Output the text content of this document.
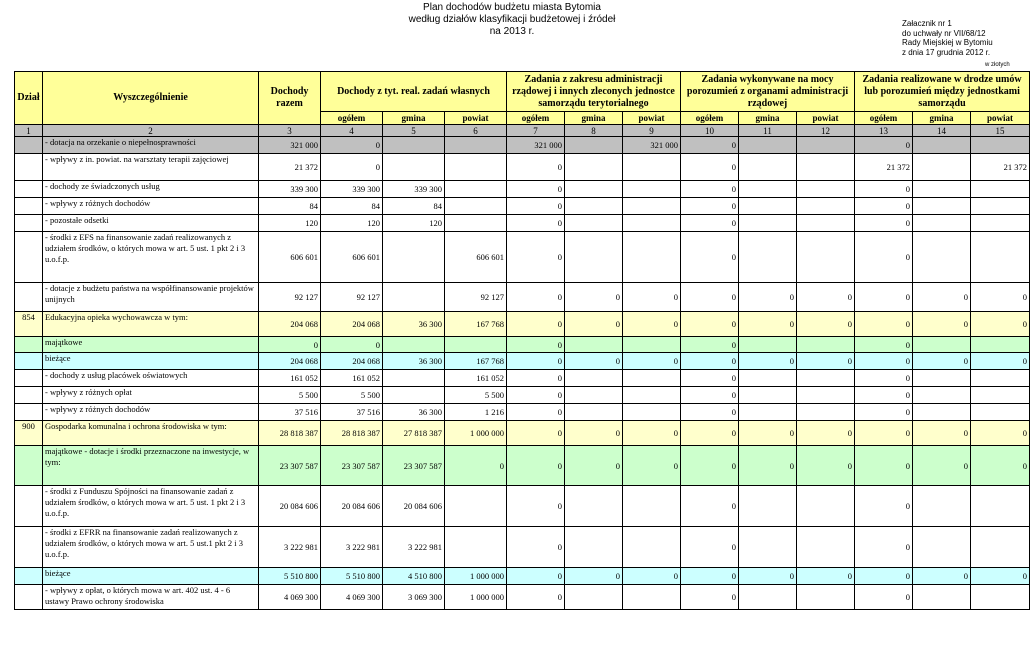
Plan dochodów budżetu miasta Bytomia
według działów klasyfikacji budżetowej i źródeł
na 2013 r.
Załacznik nr 1
do uchwały nr VII/68/12
Rady Miejskiej w Bytomiu
z dnia 17 grudnia 2012 r.
w złotych
Dział	Wyszczególnienie	Dochody razem	Dochody z tyt. real. zadań własnych			Zadania z zakresu administracji rządowej i innych zleconych jednostce samorządu terytorialnego			Zadania wykonywane na mocy porozumień z organami administracji rządowej			Zadania realizowane w drodze umów lub porozumień między jednostkami samorządu		
			ogółem	gmina	powiat	ogółem	gmina	powiat	ogółem	gmina	powiat	ogółem	gmina	powiat
1	2	3	4	5	6	7	8	9	10	11	12	13	14	15
	- dotacja na orzekanie o niepełnosprawności	321 000	0			321 000		321 000	0			0		
	- wpływy z in. powiat. na warsztaty terapii zajęciowej	21 372	0			0			0			21 372		21 372
	- dochody ze świadczonych usług	339 300	339 300	339 300		0			0			0		
	- wpływy z różnych dochodów	84	84	84		0			0			0		
	- pozostałe odsetki	120	120	120		0			0			0		
	- środki z EFS na finansowanie zadań realizowanych z udziałem środków, o których mowa w art. 5 ust. 1 pkt 2 i 3 u.o.f.p.	606 601	606 601		606 601	0			0			0		
	- dotacje z budżetu państwa na współfinansowanie projektów unijnych	92 127	92 127		92 127	0	0	0	0	0	0	0	0	0
854	Edukacyjna opieka wychowawcza w tym:	204 068	204 068	36 300	167 768	0	0	0	0	0	0	0	0	0
	majątkowe	0	0			0			0			0		
	bieżące	204 068	204 068	36 300	167 768	0	0	0	0	0	0	0	0	0
	- dochody z usług placówek oświatowych	161 052	161 052		161 052	0			0			0		
	- wpływy z różnych opłat	5 500	5 500		5 500	0			0			0		
	- wpływy z różnych dochodów	37 516	37 516	36 300	1 216	0			0			0		
900	Gospodarka komunalna i ochrona środowiska w tym:	28 818 387	28 818 387	27 818 387	1 000 000	0	0	0	0	0	0	0	0	0
	majątkowe - dotacje i środki przeznaczone na inwestycje, w tym:	23 307 587	23 307 587	23 307 587	0	0	0	0	0	0	0	0	0	0
	- środki z Funduszu Spójności na finansowanie zadań z udziałem środków, o których mowa w art. 5 ust. 1 pkt 2 i 3 u.o.f.p.	20 084 606	20 084 606	20 084 606		0			0			0		
	- środki z EFRR na finansowanie zadań realizowanych z udziałem środków, o których mowa w art. 5 ust.1 pkt 2 i 3 u.o.f.p.	3 222 981	3 222 981	3 222 981		0			0			0		
	bieżące	5 510 800	5 510 800	4 510 800	1 000 000	0	0	0	0	0	0	0	0	0
	- wpływy z opłat, o których mowa w art. 402 ust. 4 - 6 ustawy Prawo ochrony środowiska	4 069 300	4 069 300	3 069 300	1 000 000	0			0			0		
